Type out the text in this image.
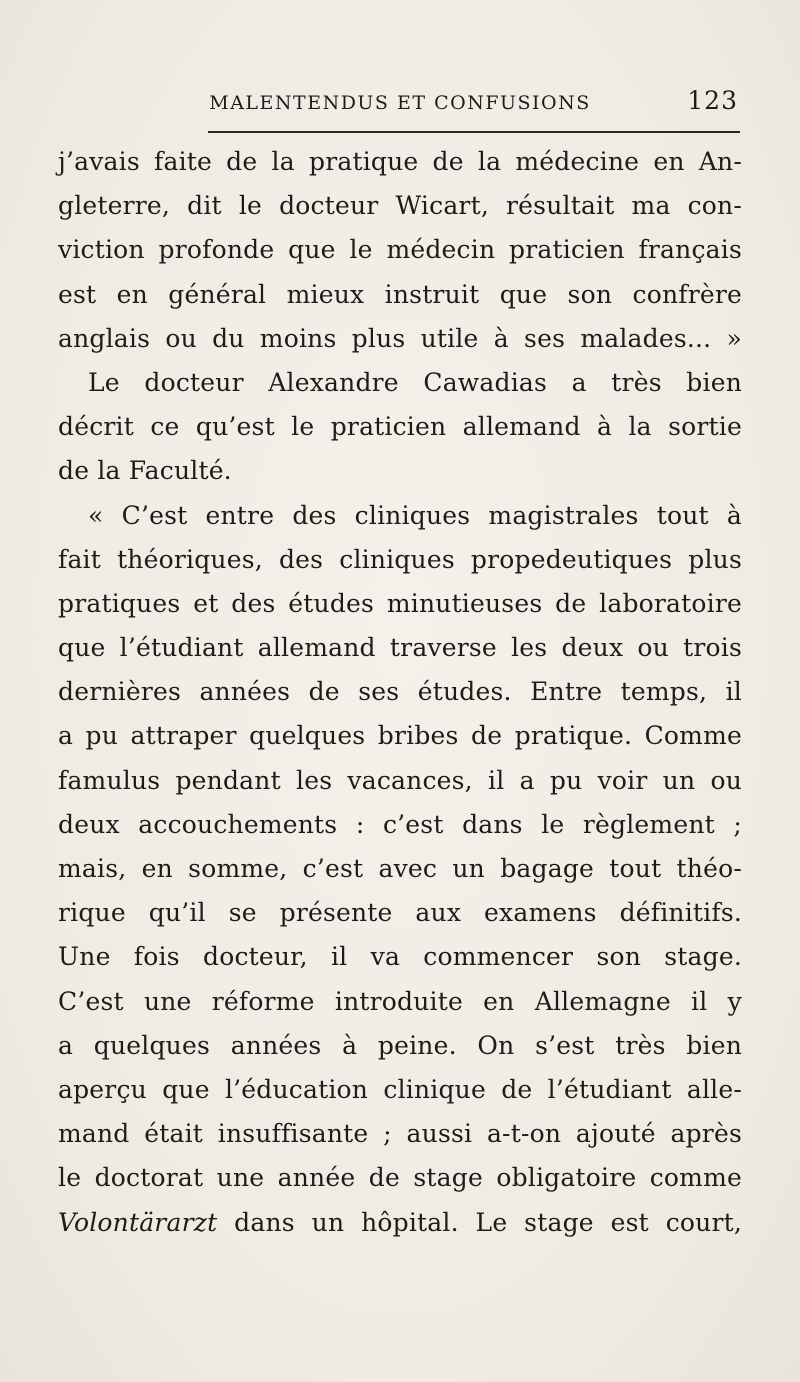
MALENTENDUS ET CONFUSIONS	123
j’avais faite de la pratique de la médecine en An-
gleterre, dit le docteur Wicart, résultait ma con-
viction profonde que le médecin praticien français
est en général mieux instruit que son confrère
anglais ou du moins plus utile à ses malades... »
Le docteur Alexandre Cawadias a très bien
décrit ce qu’est le praticien allemand à la sortie
de la Faculté.
« C’est entre des cliniques magistrales tout à
fait théoriques, des cliniques propedeutiques plus
pratiques et des études minutieuses de laboratoire
que l’étudiant allemand traverse les deux ou trois
dernières années de ses études. Entre temps, il
a pu attraper quelques bribes de pratique. Comme
famulus pendant les vacances, il a pu voir un ou
deux accouchements : c’est dans le règlement ;
mais, en somme, c’est avec un bagage tout théo-
rique qu’il se présente aux examens définitifs.
Une fois docteur, il va commencer son stage.
C’est une réforme introduite en Allemagne il y
a quelques années à peine. On s’est très bien
aperçu que l’éducation clinique de l’étudiant alle-
mand était insuffisante ; aussi a-t-on ajouté après
le doctorat une année de stage obligatoire comme
Volontärarzt dans un hôpital. Le stage est court,
